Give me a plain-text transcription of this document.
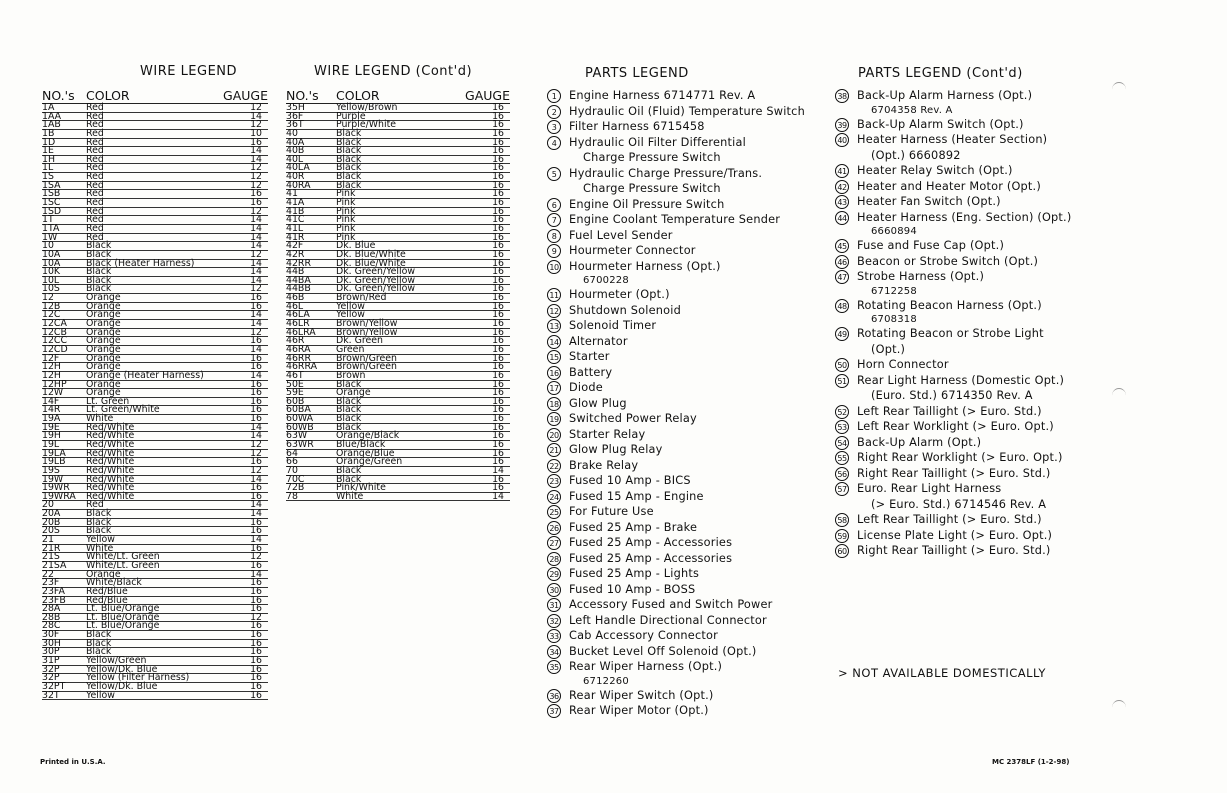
WIRE LEGEND	WIRE LEGEND (Cont'd)	PARTS LEGEND	PARTS LEGEND (Cont'd)
NO.'s COLOR	GAUGE
1A	Red	12
1AA	Red	14
1AB	Red	12
1B	Red	10
1D	Red	16
1E	Red	14
1H	Red	14
1L	Red	12
1S	Red	12
1SA	Red	12
1SB	Red	16
1SC	Red	16
1SD	Red	12
1T	Red	14
1TA	Red	14
1W	Red	14
10	Black	14
10A	Black	12
10A	Black (Heater Harness)	14
10K	Black	14
10L	Black	14
10S	Black	12
12	Orange	16
12B	Orange	16
12C	Orange	14
12CA Orange	14
12CB Orange	12
12CC Orange	16
12CD Orange	14
12F	Orange	16
12H	Orange	16
12H	Orange (Heater Harness)	14
12HP Orange	16
12W Orange	16
14F	Lt. Green	16
14R	Lt. Green/White	16
19A	White	16
19E	Red/White	14
19H	Red/White	14
19L	Red/White	12
19LA Red/White	12
19LB Red/White	16
19S	Red/White	12
19W Red/White	14
19WR Red/White	16
19WRA Red/White	16
20	Red	14
20A	Black	14
20B	Black	16
20S	Black	16
21	Yellow	14
21R	White	16
21S	White/Lt. Green	12
21SA White/Lt. Green	16
22	Orange	14
23F	White/Black	16
23FA Red/Blue	16
23FB Red/Blue	16
28A	Lt. Blue/Orange	16
28B	Lt. Blue/Orange	12
28C	Lt. Blue/Orange	16
30F	Black	16
30H	Black	16
30P	Black	16
31P	Yellow/Green	16
32P	Yellow/Dk. Blue	16
32P	Yellow (Filter Harness)	16
32PT Yellow/Dk. Blue	16
32T	Yellow	16
NO.'s COLOR	GAUGE
35H	Yellow/Brown	16
36F	Purple	16
36T	Purple/White	16
40	Black	16
40A	Black	16
40B	Black	16
40L	Black	16
40LA	Black	16
40R	Black	16
40RA	Black	16
41	Pink	16
41A	Pink	16
41B	Pink	16
41C	Pink	16
41L	Pink	16
41R	Pink	16
42F	Dk. Blue	16
42R	Dk. Blue/White	16
42RR	Dk. Blue/White	16
44B	Dk. Green/Yellow	16
44BA	Dk. Green/Yellow	16
44BB	Dk. Green/Yellow	16
46B	Brown/Red	16
46L	Yellow	16
46LA	Yellow	16
46LR	Brown/Yellow	16
46LRA Brown/Yellow	16
46R	Dk. Green	16
46RA	Green	16
46RR	Brown/Green	16
46RRA Brown/Green	16
46T	Brown	16
50E	Black	16
59E	Orange	16
60B	Black	16
60BA	Black	16
60WA Black	16
60WB Black	16
63W	Orange/Black	16
63WR Blue/Black	16
64	Orange/Blue	16
66	Orange/Green	16
70	Black	14
70C	Black	16
72B	Pink/White	16
78	White	14
1	Engine Harness 6714771 Rev. A
2	Hydraulic Oil (Fluid) Temperature Switch
3	Filter Harness 6715458
4	Hydraulic Oil Filter Differential
Charge Pressure Switch
5	Hydraulic Charge Pressure/Trans.
Charge Pressure Switch
6	Engine Oil Pressure Switch
7	Engine Coolant Temperature Sender
8	Fuel Level Sender
9	Hourmeter Connector
10 Hourmeter Harness (Opt.)
6700228
11 Hourmeter (Opt.)
12 Shutdown Solenoid
13 Solenoid Timer
14 Alternator
15 Starter
16 Battery
17 Diode
18 Glow Plug
19 Switched Power Relay
20 Starter Relay
21 Glow Plug Relay
22 Brake Relay
23 Fused 10 Amp - BICS
24 Fused 15 Amp - Engine
25 For Future Use
26 Fused 25 Amp - Brake
27 Fused 25 Amp - Accessories
28 Fused 25 Amp - Accessories
29 Fused 25 Amp - Lights
30 Fused 10 Amp - BOSS
31 Accessory Fused and Switch Power
32 Left Handle Directional Connector
33 Cab Accessory Connector
34 Bucket Level Off Solenoid (Opt.)
35 Rear Wiper Harness (Opt.)
6712260
36 Rear Wiper Switch (Opt.)
37 Rear Wiper Motor (Opt.)
38 Back-Up Alarm Harness (Opt.)
6704358 Rev. A
39 Back-Up Alarm Switch (Opt.)
40 Heater Harness (Heater Section)
(Opt.) 6660892
41 Heater Relay Switch (Opt.)
42 Heater and Heater Motor (Opt.)
43 Heater Fan Switch (Opt.)
44 Heater Harness (Eng. Section) (Opt.)
6660894
45 Fuse and Fuse Cap (Opt.)
46 Beacon or Strobe Switch (Opt.)
47 Strobe Harness (Opt.)
6712258
48 Rotating Beacon Harness (Opt.)
6708318
49 Rotating Beacon or Strobe Light
(Opt.)
50 Horn Connector
51 Rear Light Harness (Domestic Opt.)
(Euro. Std.) 6714350 Rev. A
52 Left Rear Taillight (> Euro. Std.)
53 Left Rear Worklight (> Euro. Opt.)
54 Back-Up Alarm (Opt.)
55 Right Rear Worklight (> Euro. Opt.)
56 Right Rear Taillight (> Euro. Std.)
57 Euro. Rear Light Harness
(> Euro. Std.) 6714546 Rev. A
58 Left Rear Taillight (> Euro. Std.)
59 License Plate Light (> Euro. Opt.)
60 Right Rear Taillight (> Euro. Std.)
> NOT AVAILABLE DOMESTICALLY
Printed in U.S.A.	MC 2378LF (1-2-98)
